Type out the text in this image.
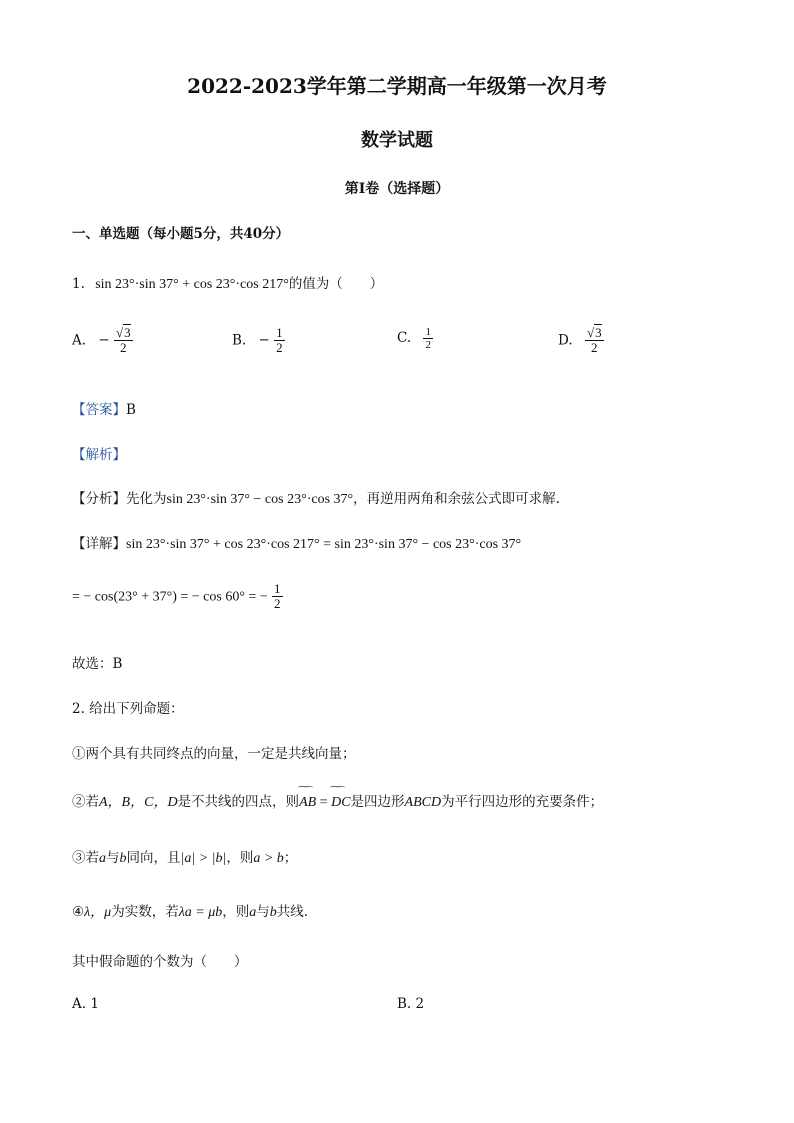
2022-2023学年第二学期高一年级第一次月考
数学试题
第Ⅰ卷（选择题）
一、单选题（每小题5分，共40分）
1. sin 23°·sin 37° + cos 23°·cos 217°的值为（　　）
A. − $\frac{√3}{2}$	B. − $\frac{1}{2}$	C. $\frac{1}{2}$	D. $\frac{√3}{2}$
【答案】B
【解析】
【分析】先化为sin 23°·sin 37° − cos 23°·cos 37°，再逆用两角和余弦公式即可求解.
【详解】sin 23°·sin 37° + cos 23°·cos 217° = sin 23°·sin 37° − cos 23°·cos 37°
= − cos(23° + 37°) = − cos 60° = − $\frac{1}{2}$
故选：B
2. 给出下列命题：
①两个具有共同终点的向量，一定是共线向量；
②若A，B，C，D是不共线的四点，则‿‿ AB = ‿‿ DC是四边形ABCD为平行四边形的充要条件；
③若a与b同向，且|a| > |b|，则a > b；
④λ，μ为实数，若λa = μb，则a与b共线.
其中假命题的个数为（　　）
A. 1	B. 2
